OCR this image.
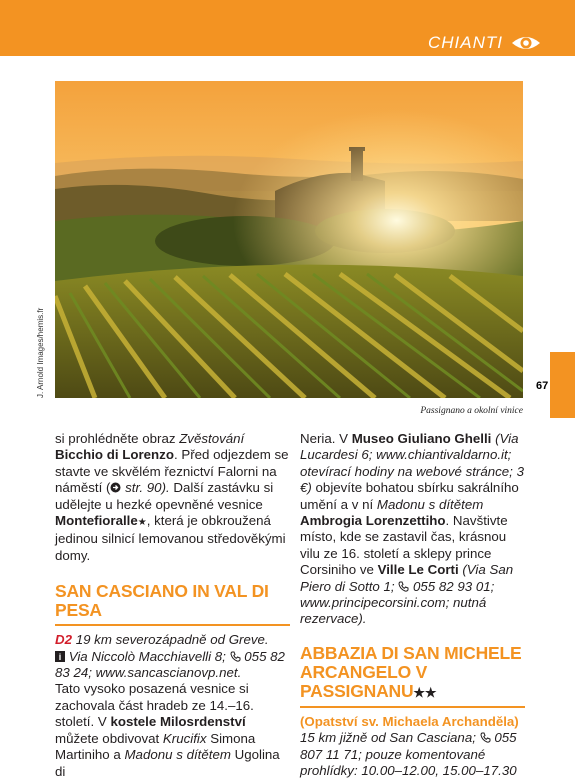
CHIANTI
J. Arnold Images/hemis.fr
Passignano a okolní vinice
67

si prohlédněte obraz Zvěstování
Bicchio di Lorenzo. Před odjezdem se stavte ve skvělém řeznictví Falorni na náměstí ( str. 90). Další zastávku si udělejte u hezké opevněné vesnice Montefioralle★, která je obkroužená jedinou silnicí lemovanou středověkými domy.

SAN CASCIANO IN VAL DI PESA

D2 19 km severozápadně od Greve.

i Via Niccolò Macchiavelli 8;  055 82 83 24; www.sancascianovp.net.

Tato vysoko posazená vesnice si zachovala část hradeb ze 14.–16. století. V kostele Milosrdenství můžete obdivovat Krucifix Simona Martiniho a Madonu s dítětem Ugolina di

Neria. V Museo Giuliano Ghelli (Via Lucardesi 6; www.chiantivaldarno.it; otevírací hodiny na webové stránce; 3 €) objevíte bohatou sbírku sakrálního umění a v ní Madonu s dítětem
Ambrogia Lorenzettiho. Navštivte místo, kde se zastavil čas, krásnou vilu ze 16. století a sklepy prince Corsiniho ve Ville Le Corti (Via San Piero di Sotto 1;  055 82 93 01; www.principecorsini.com; nutná rezervace).

ABBAZIA DI SAN MICHELE ARCANGELO V PASSIGNANU★★

(Opatství sv. Michaela Archanděla)
15 km jižně od San Casciana;  055 807 11 71; pouze komentované prohlídky: 10.00–12.00, 15.00–17.30
